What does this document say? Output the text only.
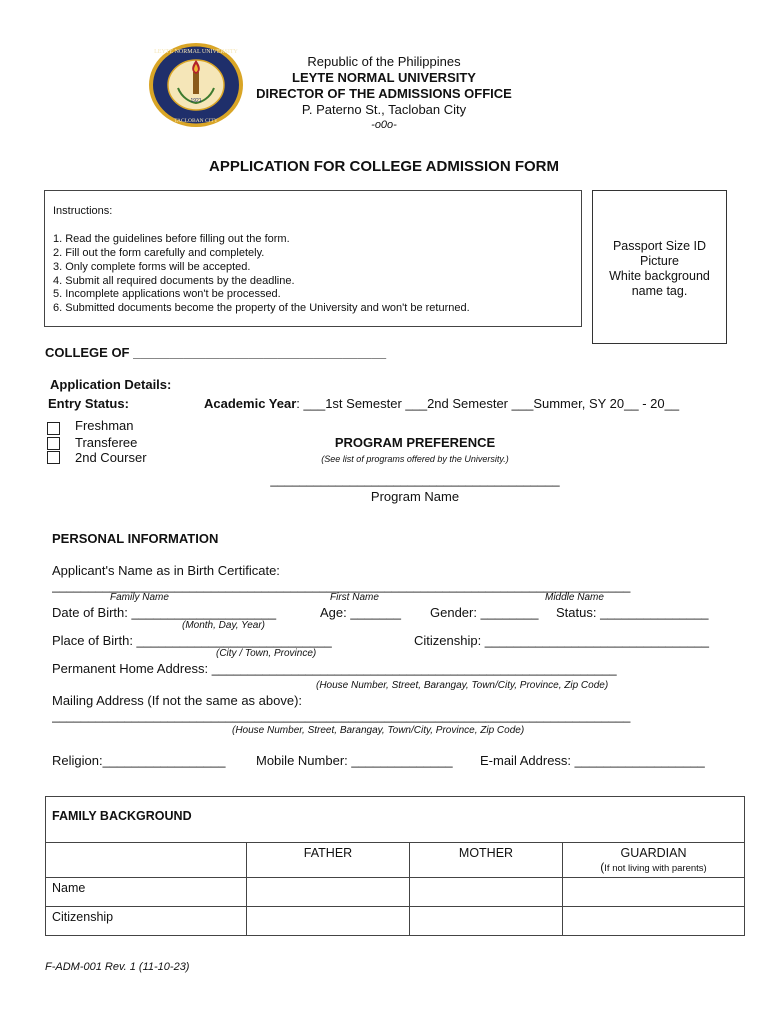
1921
LEYTE NORMAL UNIVERSITY
TACLOBAN CITY
Republic of the Philippines
LEYTE NORMAL UNIVERSITY
DIRECTOR OF THE ADMISSIONS OFFICE
P. Paterno St., Tacloban City
-o0o-
APPLICATION FOR COLLEGE ADMISSION FORM
Instructions:
1. Read the guidelines before filling out the form.
2. Fill out the form carefully and completely.
3. Only complete forms will be accepted.
4. Submit all required documents by the deadline.
5. Incomplete applications won't be processed.
6. Submitted documents become the property of the University and won't be returned.
Passport Size ID
Picture
White background
name tag.
COLLEGE OF ___________________________________
Application Details:
Entry Status:	Academic Year: ___1st Semester ___2nd Semester ___Summer, SY 20__ - 20__
Freshman
Transferee
2nd Courser
PROGRAM PREFERENCE
(See list of programs offered by the University.)
________________________________________
Program Name
PERSONAL INFORMATION
Applicant's Name as in Birth Certificate:
________________________________________________________________________________
Family Name	First Name	Middle Name
Date of Birth: ____________________	Age: _______ Gender: ________ Status: _______________
(Month, Day, Year)
Place of Birth: ___________________________	Citizenship: _______________________________
(City / Town, Province)
Permanent Home Address: ________________________________________________________
(House Number, Street, Barangay, Town/City, Province, Zip Code)
Mailing Address (If not the same as above):
________________________________________________________________________________
(House Number, Street, Barangay, Town/City, Province, Zip Code)
Religion:_________________ Mobile Number: ______________ E-mail Address: __________________
FAMILY BACKGROUND			
	FATHER	MOTHER	GUARDIAN
(If not living with parents)

Name			
Citizenship			
F-ADM-001 Rev. 1 (11-10-23)
